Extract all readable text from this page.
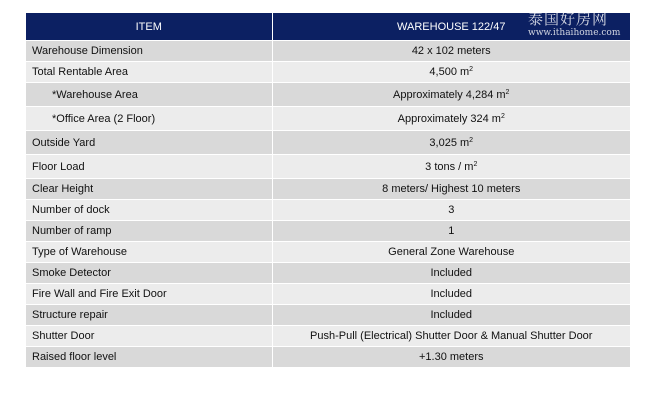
ITEM	WAREHOUSE 122/47
Warehouse Dimension	42 x 102 meters
Total Rentable Area	4,500 $m^2$
*Warehouse Area	Approximately 4,284 $m^2$
*Office Area (2 Floor)	Approximately 324 $m^2$
Outside Yard	3,025 $m^2$
Floor Load	3 tons / $m^2$
Clear Height	8 meters/ Highest 10 meters
Number of dock	3
Number of ramp	1
Type of Warehouse	General Zone Warehouse
Smoke Detector	Included
Fire Wall and Fire Exit Door	Included
Structure repair	Included
Shutter Door	Push-Pull (Electrical) Shutter Door & Manual Shutter Door
Raised floor level	+1.30 meters
泰国好房网
www.ithaihome.com
